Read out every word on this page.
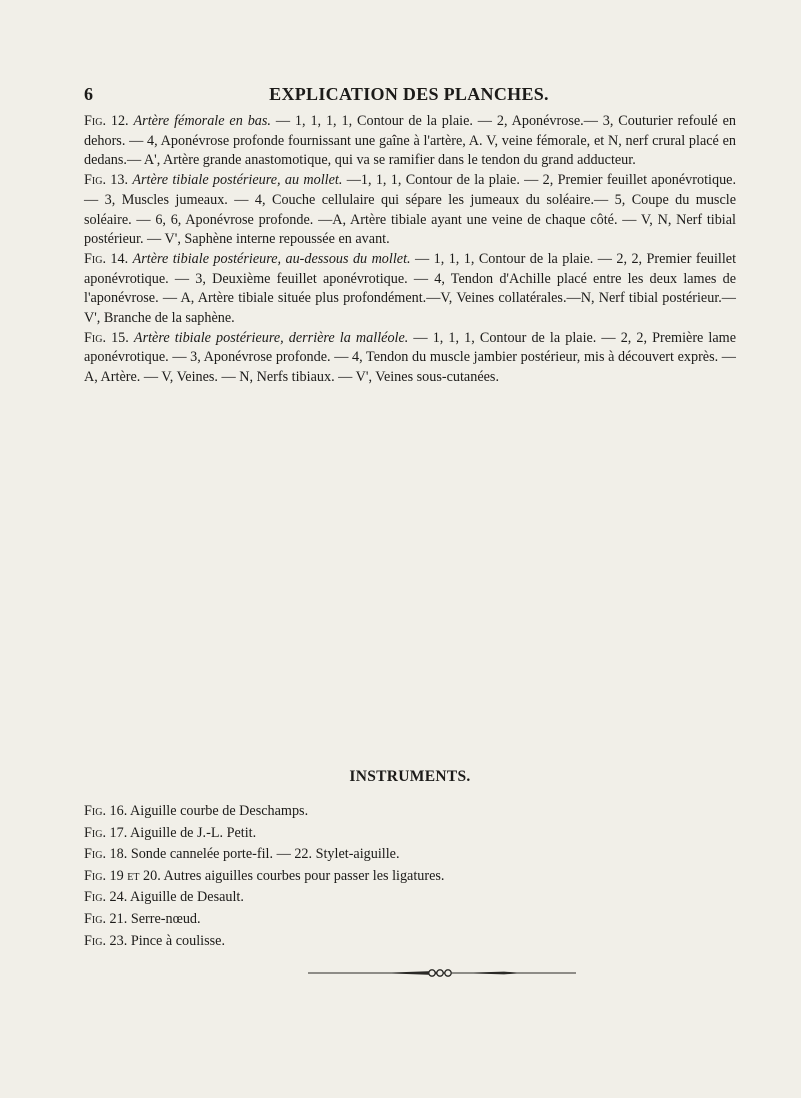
6	EXPLICATION DES PLANCHES.

Fig. 12. Artère fémorale en bas. — 1, 1, 1, 1, Contour de la plaie. — 2, Aponévrose.— 3, Couturier refoulé en dehors. — 4, Aponévrose profonde fournissant une gaîne à l'artère, A. V, veine fémorale, et N, nerf crural placé en dedans.— A', Artère grande anastomotique, qui va se ramifier dans le tendon du grand adducteur.

Fig. 13. Artère tibiale postérieure, au mollet. —1, 1, 1, Contour de la plaie. — 2, Premier feuillet aponévrotique. — 3, Muscles jumeaux. — 4, Couche cellulaire qui sépare les jumeaux du soléaire.— 5, Coupe du muscle soléaire. — 6, 6, Aponévrose profonde. —A, Artère tibiale ayant une veine de chaque côté. — V, N, Nerf tibial postérieur. — V', Saphène interne repoussée en avant.

Fig. 14. Artère tibiale postérieure, au-dessous du mollet. — 1, 1, 1, Contour de la plaie. — 2, 2, Premier feuillet aponévrotique. — 3, Deuxième feuillet aponévrotique. — 4, Tendon d'Achille placé entre les deux lames de l'aponévrose. — A, Artère tibiale située plus profondément.—V, Veines collatérales.—N, Nerf tibial postérieur.—V', Branche de la saphène.

Fig. 15. Artère tibiale postérieure, derrière la malléole. — 1, 1, 1, Contour de la plaie. — 2, 2, Première lame aponévrotique. — 3, Aponévrose profonde. — 4, Tendon du muscle jambier postérieur, mis à découvert exprès. — A, Artère. — V, Veines. — N, Nerfs tibiaux. — V', Veines sous-cutanées.

INSTRUMENTS.

Fig. 16. Aiguille courbe de Deschamps.

Fig. 17. Aiguille de J.-L. Petit.

Fig. 18. Sonde cannelée porte-fil. — 22. Stylet-aiguille.

Fig. 19 et 20. Autres aiguilles courbes pour passer les ligatures.

Fig. 24. Aiguille de Desault.

Fig. 21. Serre-nœud.

Fig. 23. Pince à coulisse.
